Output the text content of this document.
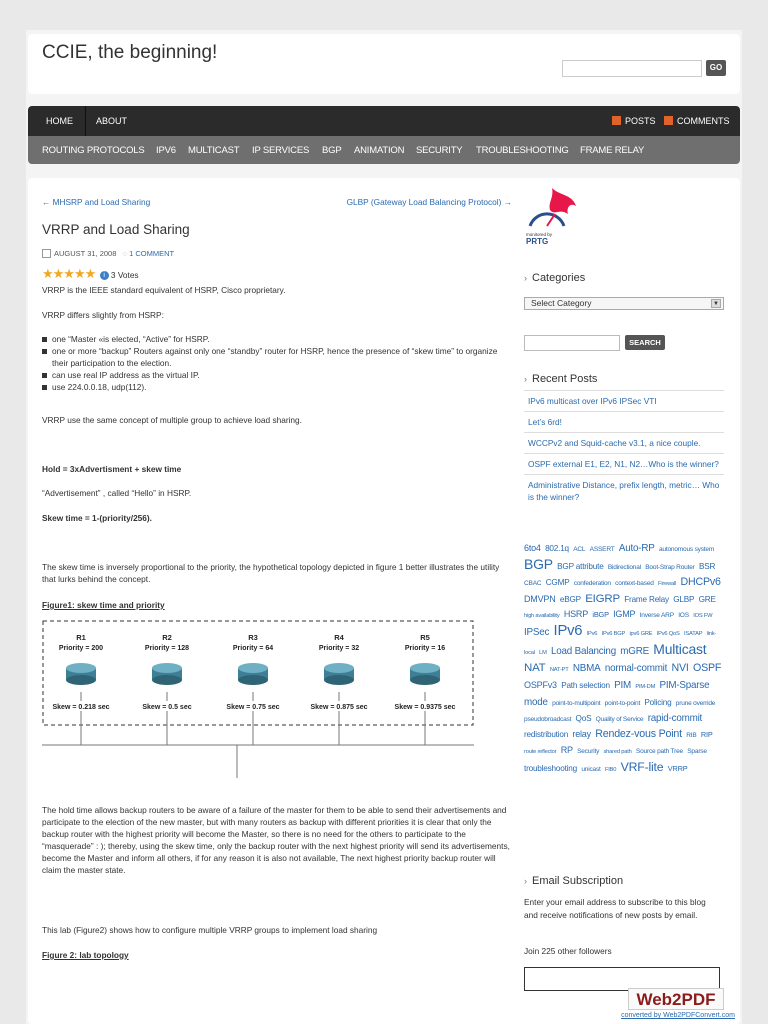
CCIE, the beginning!
GO
HOME	ABOUT	POSTS	COMMENTS
ROUTING PROTOCOLS IPV6 MULTICAST IP SERVICES BGP ANIMATION SECURITY TROUBLESHOOTING FRAME RELAY
← MHSRP and Load Sharing	GLBP (Gateway Load Balancing Protocol) →
VRRP and Load Sharing
AUGUST 31, 2008 ◌ 1 COMMENT
★★★★★ i 3 Votes
VRRP is the IEEE standard equivalent of HSRP, Cisco proprietary.
VRRP differs slightly from HSRP:
one “Master «is elected, “Active” for HSRP.
one or more “backup” Routers against only one “standby” router for HSRP, hence the presence of “skew time” to organize their participation to the election.
can use real IP address as the virtual IP.
use 224.0.0.18, udp(112).
VRRP use the same concept of multiple group to achieve load sharing.
Hold = 3xAdvertisment + skew time
“Advertisement” , called “Hello” in HSRP.
Skew time = 1-(priority/256).
The skew time is inversely proportional to the priority, the hypothetical topology depicted in figure 1 better illustrates the utility that lurks behind the concept.
Figure1: skew time and priority
R1
Priority = 200
Skew = 0.218 sec
R2
Priority = 128
Skew = 0.5 sec
R3
Priority = 64
Skew = 0.75 sec
R4
Priority = 32
Skew = 0.875 sec
R5
Priority = 16
Skew = 0.9375 sec
The hold time allows backup routers to be aware of a failure of the master for them to be able to send their advertisements and participate to the election of the new master, but with many routers as backup with different priorities it is clear that only the backup router with the highest priority will become the Master, so there is no need for the others to participate to the “masquerade” : ); thereby, using the skew time, only the backup router with the next highest priority will send its advertisements, become the Master and inform all others, if for any reason it is also not available, The next highest priority backup router will claim the master state.
This lab (Figure2) shows how to configure multiple VRRP groups to implement load sharing
Figure 2: lab topology
monitored by
PRTG
› Categories
Select Category	▼
SEARCH
› Recent Posts
IPv6 multicast over IPv6 IPSec VTI
Let’s 6rd!
WCCPv2 and Squid-cache v3.1, a nice couple.
OSPF external E1, E2, N1, N2…Who is the winner?
Administrative Distance, prefix length, metric… Who is the winner?
6to4 802.1q ACL ASSERT Auto-RP autonomous system BGP BGP attribute Bidirectional Boot-Strap Router BSR CBAC CGMP confederation context-based Firewall DHCPv6 DMVPN eBGP EIGRP Frame Relay GLBP GRE high availability HSRP iBGP IGMP Inverse ARP IOS IOS FW IPSec IPv6 IPv6 IPv6 BGP ipv6 GRE IPv6 QoS ISATAP link-local LM Load Balancing mGRE Multicast NAT NAT-PT NBMA normal-commit NVI OSPF OSPFv3 Path selection PIM PIM-DM PIM-Sparse mode point-to-multipoint point-to-point Policing prune override pseudobroadcast QoS Quality of Service rapid-commit redistribution relay Rendez-vous Point RIB RIP route reflector RP Security shared path Source path Tree Sparse troubleshooting unicast FIB0 VRF-lite VRRP
› Email Subscription
Enter your email address to subscribe to this blog and receive notifications of new posts by email.
Join 225 other followers
Web2PDF
converted by Web2PDFConvert.com
